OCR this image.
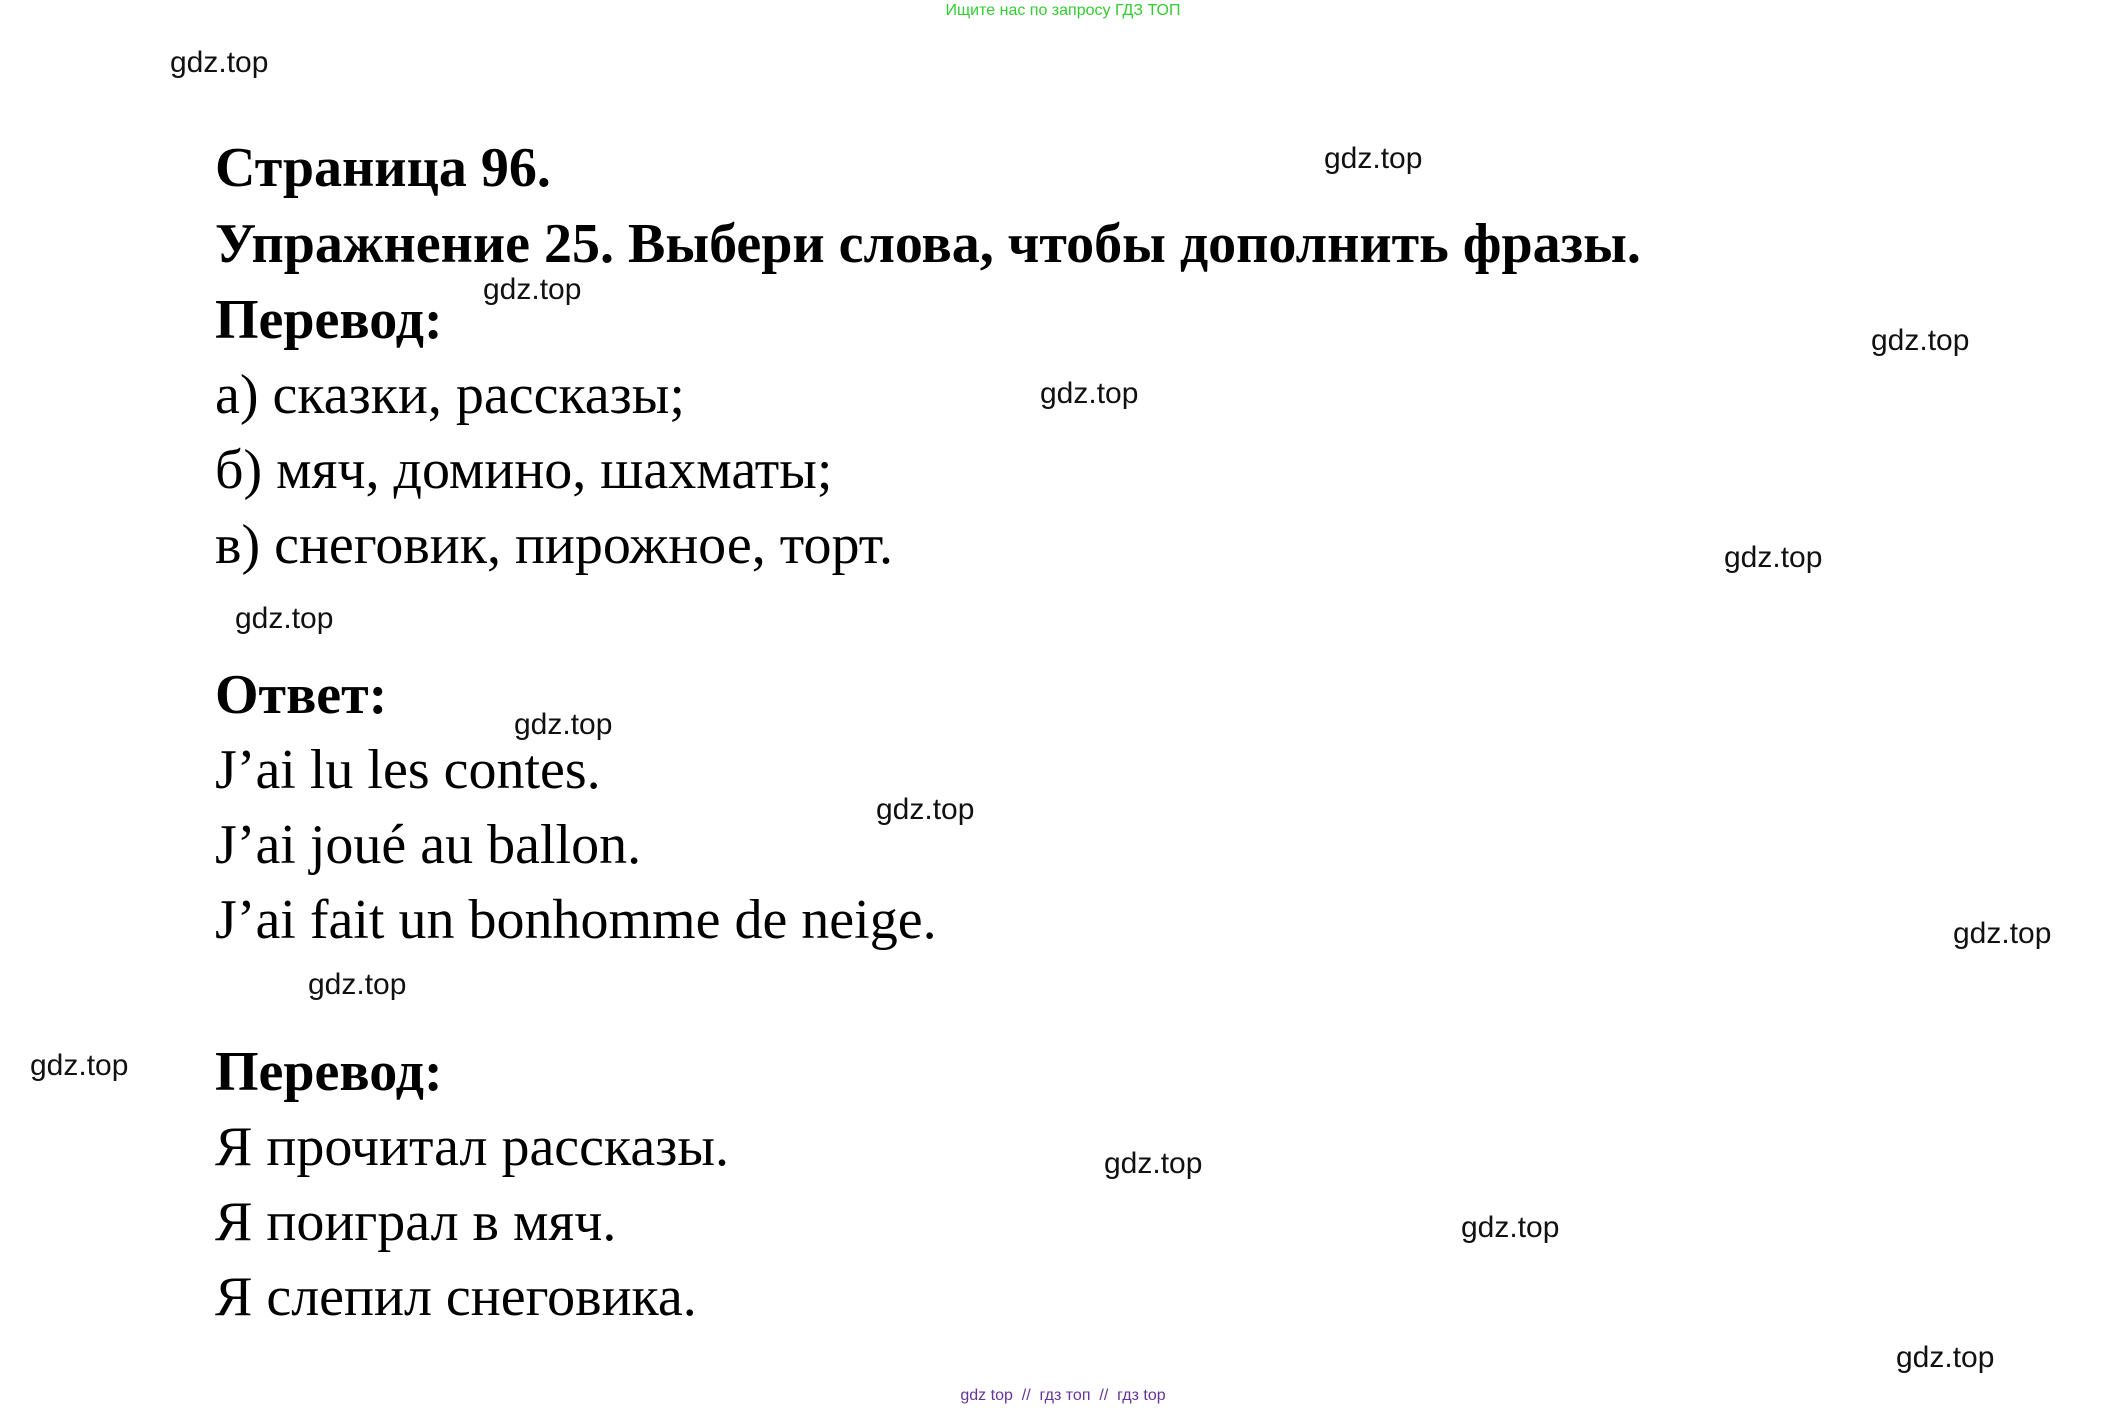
Ищите нас по запросу ГДЗ ТОП
gdz.top
gdz.top
gdz.top
gdz.top
gdz.top
gdz.top
gdz.top
gdz.top
gdz.top
gdz.top
gdz.top
gdz.top
gdz.top
gdz.top
gdz.top
Страница 96.
Упражнение 25. Выбери слова, чтобы дополнить фразы.
Перевод:
а) сказки, рассказы;
б) мяч, домино, шахматы;
в) снеговик, пирожное, торт.
Ответ:
J’ai lu les contes.
J’ai joué au ballon.
J’ai fait un bonhomme de neige.
Перевод:
Я прочитал рассказы.
Я поиграл в мяч.
Я слепил снеговика.
gdz top  //  гдз топ  //  гдз top
